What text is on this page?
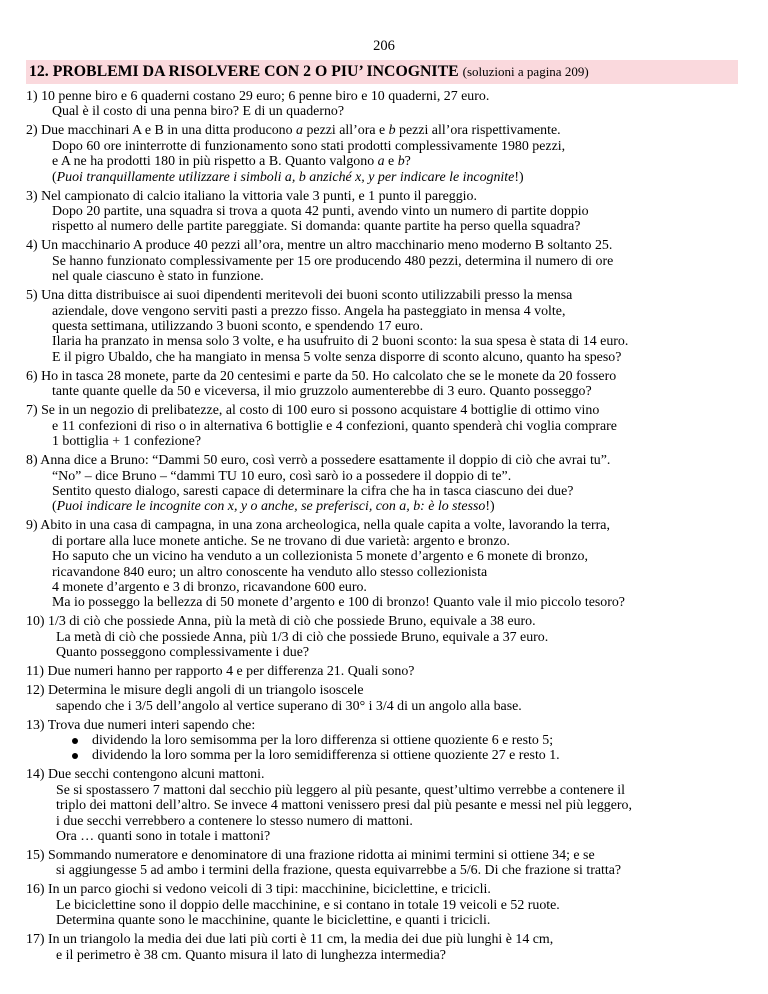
206
12. PROBLEMI DA RISOLVERE CON 2 O PIU’ INCOGNITE (soluzioni a pagina 209)
1) 10 penne biro e 6 quaderni costano 29 euro; 6 penne biro e 10 quaderni, 27 euro.
Qual è il costo di una penna biro? E di un quaderno?
2) Due macchinari A e B in una ditta producono a pezzi all’ora e b pezzi all’ora rispettivamente.
Dopo 60 ore ininterrotte di funzionamento sono stati prodotti complessivamente 1980 pezzi,
e A ne ha prodotti 180 in più rispetto a B. Quanto valgono a e b?
(Puoi tranquillamente utilizzare i simboli a, b anziché x, y per indicare le incognite!)
3) Nel campionato di calcio italiano la vittoria vale 3 punti, e 1 punto il pareggio.
Dopo 20 partite, una squadra si trova a quota 42 punti, avendo vinto un numero di partite doppio
rispetto al numero delle partite pareggiate. Si domanda: quante partite ha perso quella squadra?
4) Un macchinario A produce 40 pezzi all’ora, mentre un altro macchinario meno moderno B soltanto 25.
Se hanno funzionato complessivamente per 15 ore producendo 480 pezzi, determina il numero di ore
nel quale ciascuno è stato in funzione.
5) Una ditta distribuisce ai suoi dipendenti meritevoli dei buoni sconto utilizzabili presso la mensa
aziendale, dove vengono serviti pasti a prezzo fisso. Angela ha pasteggiato in mensa 4 volte,
questa settimana, utilizzando 3 buoni sconto, e spendendo 17 euro.
Ilaria ha pranzato in mensa solo 3 volte, e ha usufruito di 2 buoni sconto: la sua spesa è stata di 14 euro.
E il pigro Ubaldo, che ha mangiato in mensa 5 volte senza disporre di sconto alcuno, quanto ha speso?
6) Ho in tasca 28 monete, parte da 20 centesimi e parte da 50. Ho calcolato che se le monete da 20 fossero
tante quante quelle da 50 e viceversa, il mio gruzzolo aumenterebbe di 3 euro. Quanto posseggo?
7) Se in un negozio di prelibatezze, al costo di 100 euro si possono acquistare 4 bottiglie di ottimo vino
e 11 confezioni di riso o in alternativa 6 bottiglie e 4 confezioni, quanto spenderà chi voglia comprare
1 bottiglia + 1 confezione?
8) Anna dice a Bruno: “Dammi 50 euro, così verrò a possedere esattamente il doppio di ciò che avrai tu”.
“No” – dice Bruno – “dammi TU 10 euro, così sarò io a possedere il doppio di te”.
Sentito questo dialogo, saresti capace di determinare la cifra che ha in tasca ciascuno dei due?
(Puoi indicare le incognite con x, y o anche, se preferisci, con a, b: è lo stesso!)
9) Abito in una casa di campagna, in una zona archeologica, nella quale capita a volte, lavorando la terra,
di portare alla luce monete antiche. Se ne trovano di due varietà: argento e bronzo.
Ho saputo che un vicino ha venduto a un collezionista 5 monete d’argento e 6 monete di bronzo,
ricavandone 840 euro; un altro conoscente ha venduto allo stesso collezionista
4 monete d’argento e 3 di bronzo, ricavandone 600 euro.
Ma io posseggo la bellezza di 50 monete d’argento e 100 di bronzo! Quanto vale il mio piccolo tesoro?
10) 1/3 di ciò che possiede Anna, più la metà di ciò che possiede Bruno, equivale a 38 euro.
La metà di ciò che possiede Anna, più 1/3 di ciò che possiede Bruno, equivale a 37 euro.
Quanto posseggono complessivamente i due?
11) Due numeri hanno per rapporto 4 e per differenza 21. Quali sono?
12) Determina le misure degli angoli di un triangolo isoscele
sapendo che i 3/5 dell’angolo al vertice superano di 30° i 3/4 di un angolo alla base.
13) Trova due numeri interi sapendo che:
dividendo la loro semisomma per la loro differenza si ottiene quoziente 6 e resto 5;
dividendo la loro somma per la loro semidifferenza si ottiene quoziente 27 e resto 1.
14) Due secchi contengono alcuni mattoni.
Se si spostassero 7 mattoni dal secchio più leggero al più pesante, quest’ultimo verrebbe a contenere il
triplo dei mattoni dell’altro. Se invece 4 mattoni venissero presi dal più pesante e messi nel più leggero,
i due secchi verrebbero a contenere lo stesso numero di mattoni.
Ora … quanti sono in totale i mattoni?
15) Sommando numeratore e denominatore di una frazione ridotta ai minimi termini si ottiene 34; e se
si aggiungesse 5 ad ambo i termini della frazione, questa equivarrebbe a 5/6. Di che frazione si tratta?
16) In un parco giochi si vedono veicoli di 3 tipi: macchinine, biciclettine, e tricicli.
Le biciclettine sono il doppio delle macchinine, e si contano in totale 19 veicoli e 52 ruote.
Determina quante sono le macchinine, quante le biciclettine, e quanti i tricicli.
17) In un triangolo la media dei due lati più corti è 11 cm, la media dei due più lunghi è 14 cm,
e il perimetro è 38 cm. Quanto misura il lato di lunghezza intermedia?
